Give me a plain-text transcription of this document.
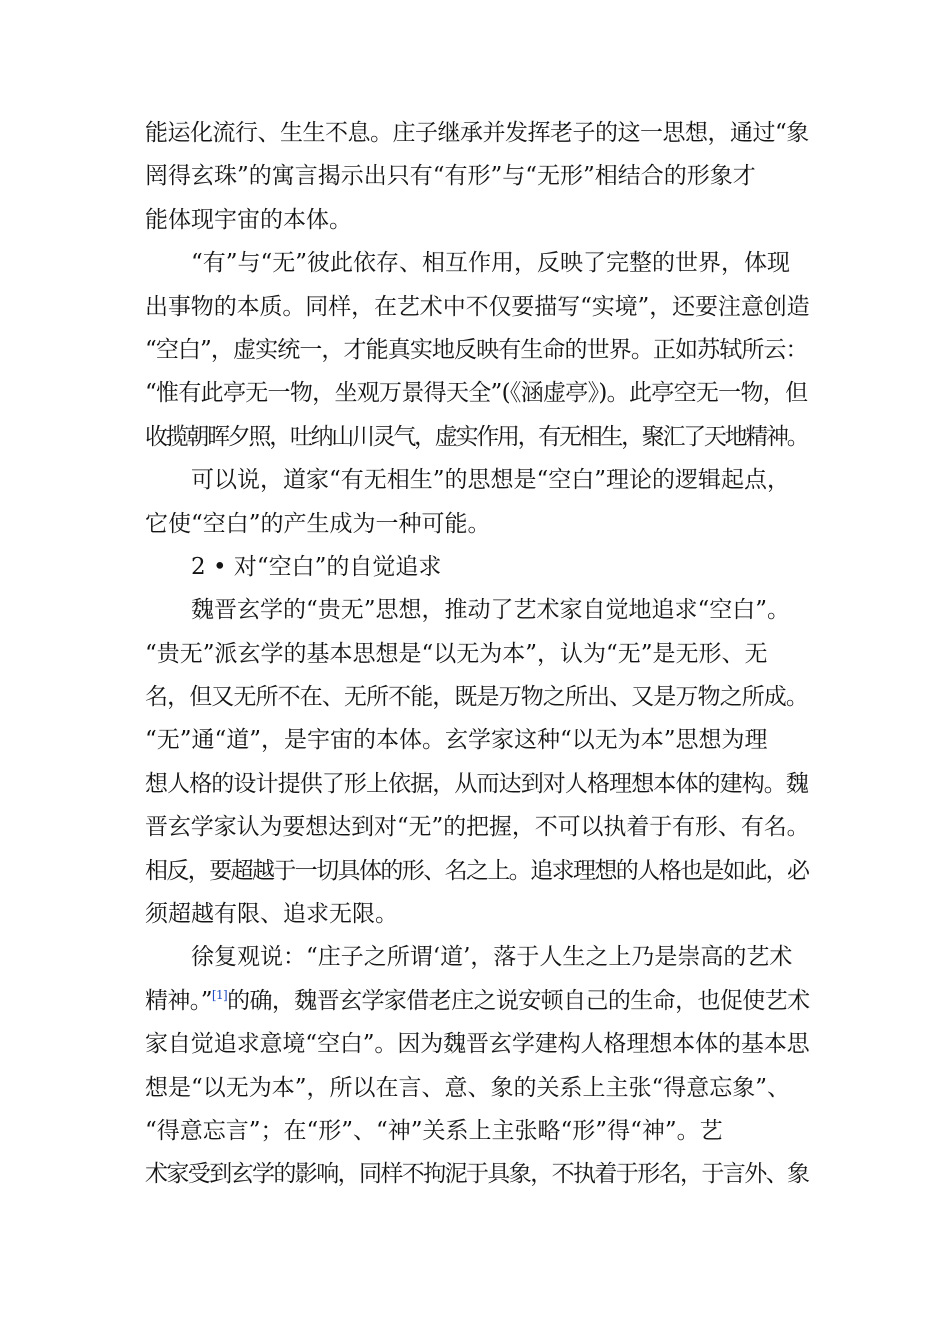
能运化流行、生生不息。庄子继承并发挥老子的这一思想，通过“象
罔得玄珠”的寓言揭示出只有“有形”与“无形”相结合的形象才
能体现宇宙的本体。
“有”与“无”彼此依存、相互作用，反映了完整的世界，体现
出事物的本质。同样，在艺术中不仅要描写“实境”，还要注意创造
“空白”，虚实统一，才能真实地反映有生命的世界。正如苏轼所云：
“惟有此亭无一物，坐观万景得天全”(《涵虚亭》)。此亭空无一物，但
收揽朝晖夕照，吐纳山川灵气，虚实作用，有无相生，聚汇了天地精神。
可以说，道家“有无相生”的思想是“空白”理论的逻辑起点，
它使“空白”的产生成为一种可能。
2 • 对“空白”的自觉追求
魏晋玄学的“贵无”思想，推动了艺术家自觉地追求“空白”。
“贵无”派玄学的基本思想是“以无为本”，认为“无”是无形、无
名，但又无所不在、无所不能，既是万物之所出、又是万物之所成。
“无”通“道”，是宇宙的本体。玄学家这种“以无为本”思想为理
想人格的设计提供了形上依据，从而达到对人格理想本体的建构。魏
晋玄学家认为要想达到对“无”的把握，不可以执着于有形、有名。
相反，要超越于一切具体的形、名之上。追求理想的人格也是如此，必
须超越有限、追求无限。
徐复观说：“庄子之所谓‘道’，落于人生之上乃是崇高的艺术
精神。”[1]的确，魏晋玄学家借老庄之说安顿自己的生命，也促使艺术
家自觉追求意境“空白”。因为魏晋玄学建构人格理想本体的基本思
想是“以无为本”，所以在言、意、象的关系上主张“得意忘象”、
“得意忘言”；在“形”、“神”关系上主张略“形”得“神”。艺
术家受到玄学的影响，同样不拘泥于具象，不执着于形名，于言外、象
